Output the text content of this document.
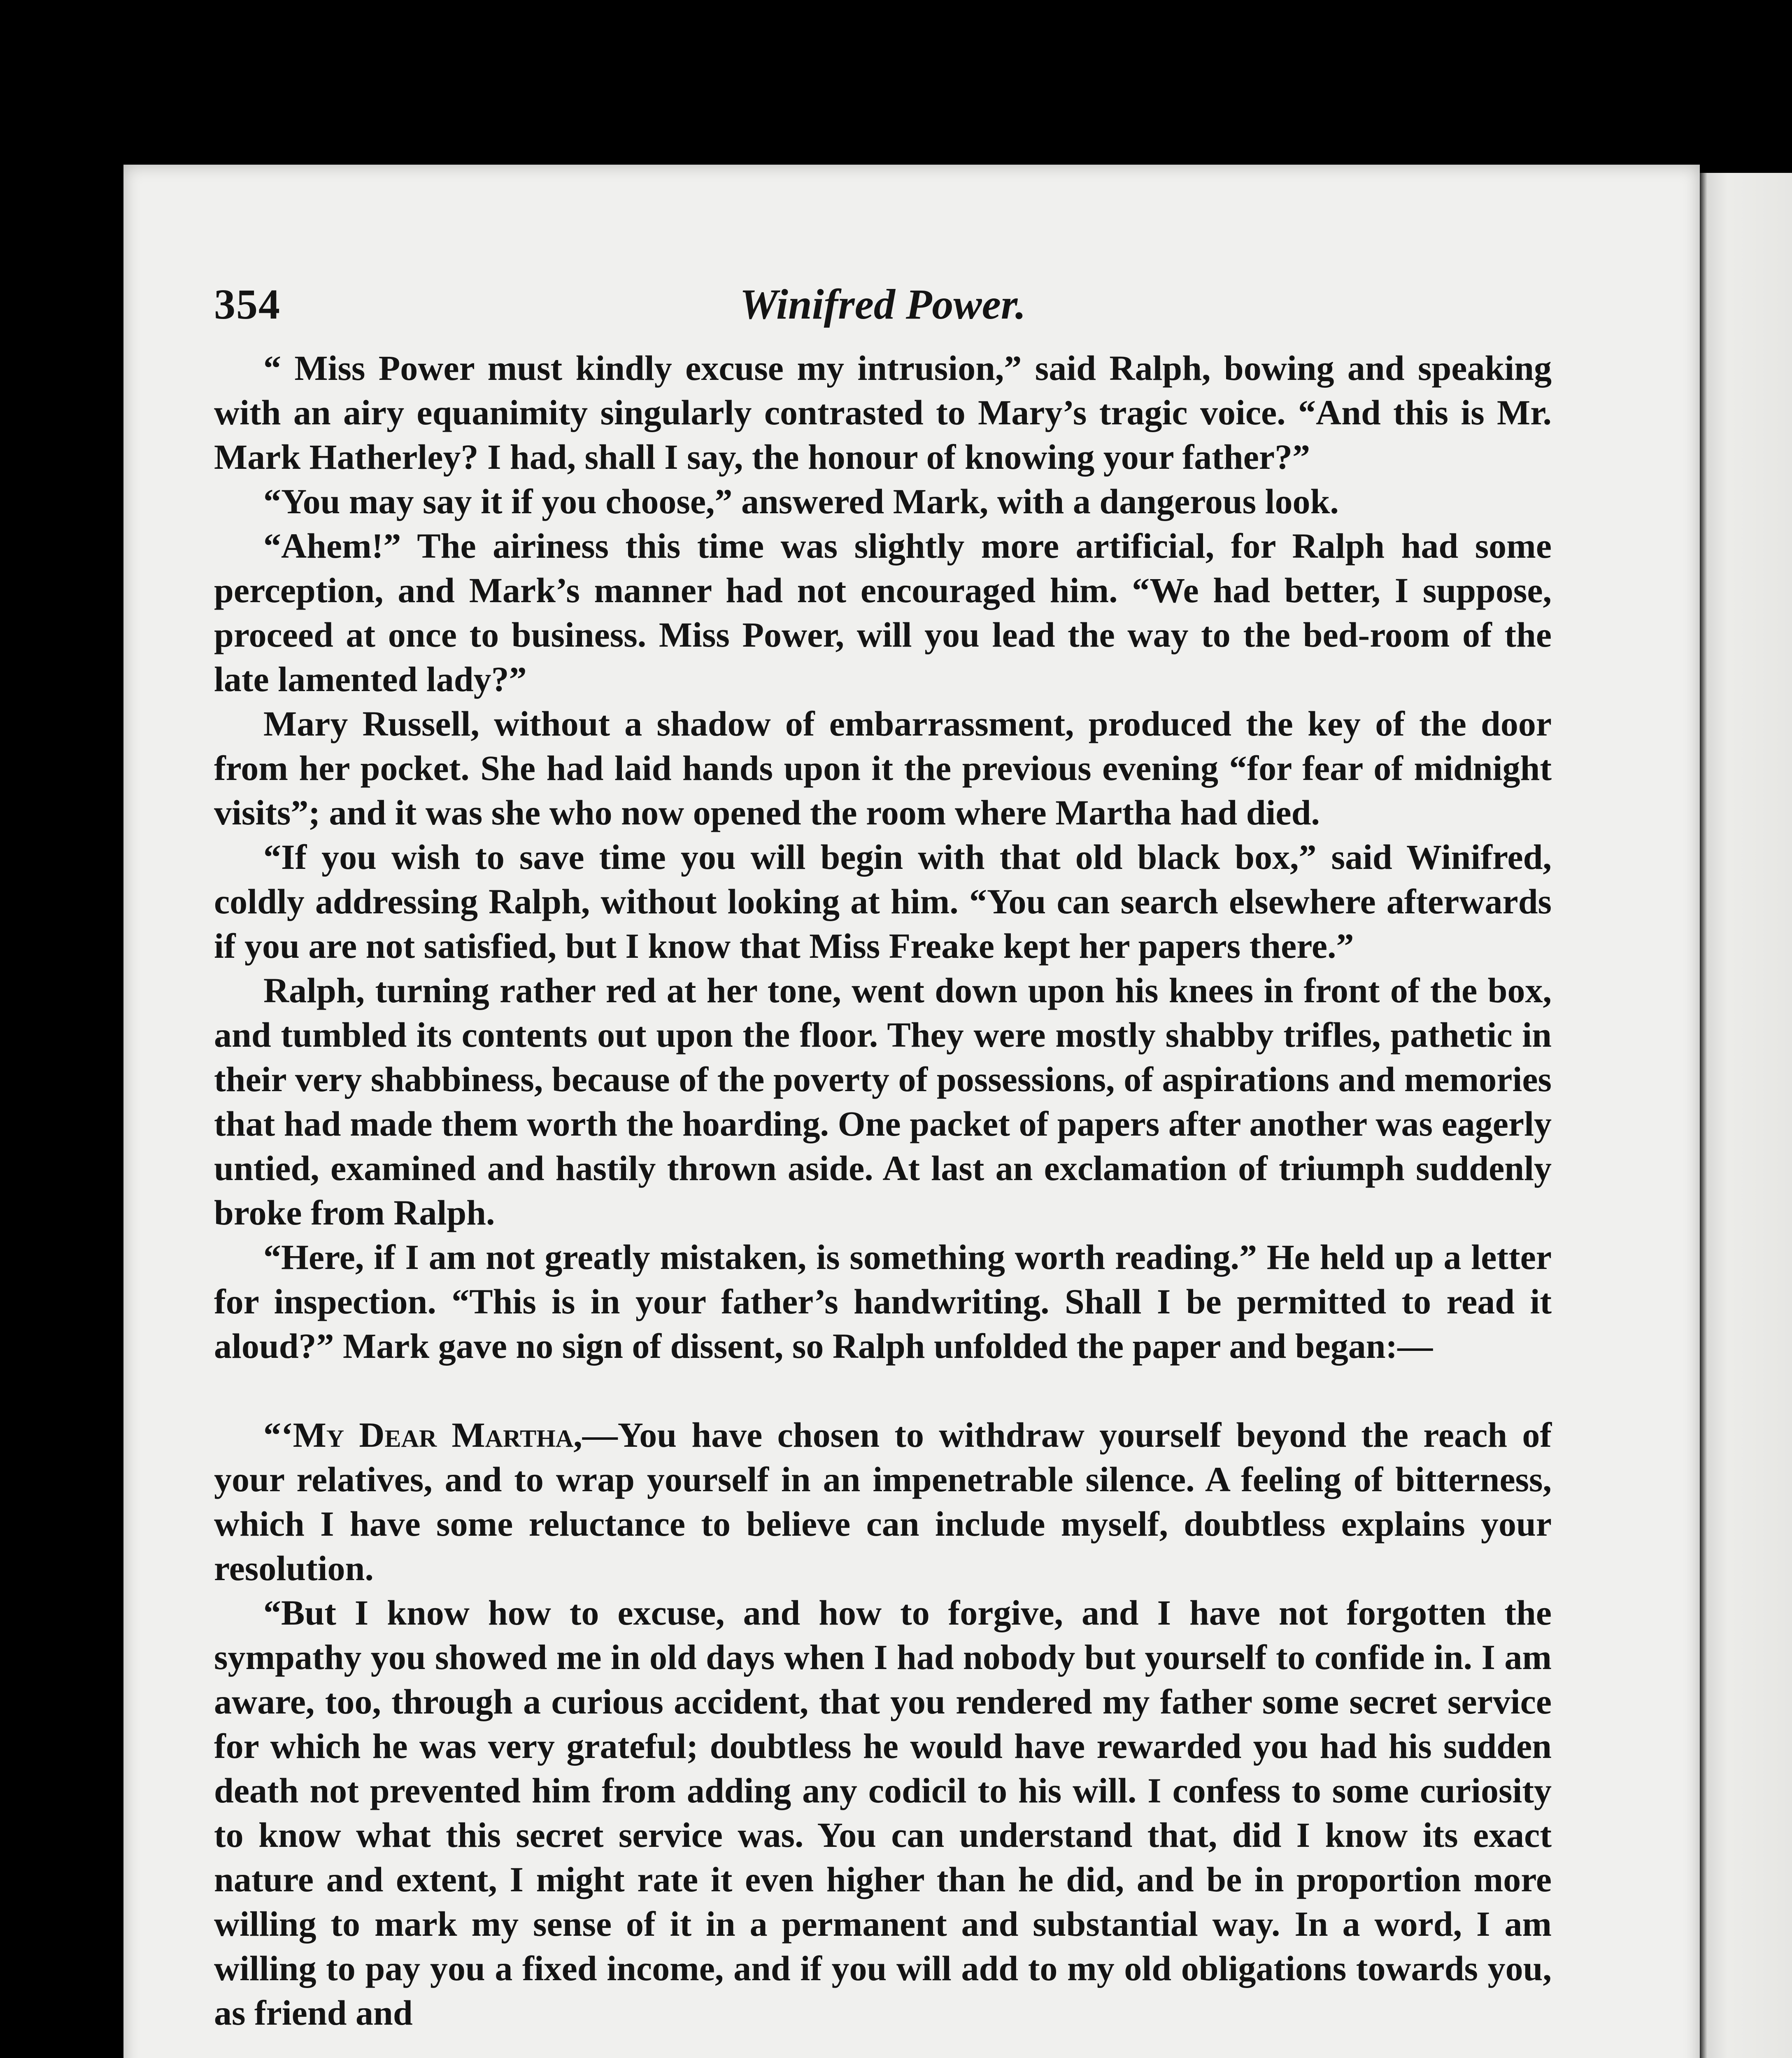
354	Winifred Power.

“ Miss Power must kindly excuse my intrusion,” said Ralph, bowing and speaking with an airy equanimity singularly contrasted to Mary’s tragic voice. “And this is Mr. Mark Hatherley? I had, shall I say, the honour of knowing your father?”

“You may say it if you choose,” answered Mark, with a dangerous look.

“Ahem!” The airiness this time was slightly more artificial, for Ralph had some perception, and Mark’s manner had not encouraged him. “We had better, I suppose, proceed at once to business. Miss Power, will you lead the way to the bed-room of the late lamented lady?”

Mary Russell, without a shadow of embarrassment, produced the key of the door from her pocket. She had laid hands upon it the previous evening “for fear of midnight visits”; and it was she who now opened the room where Martha had died.

“If you wish to save time you will begin with that old black box,” said Winifred, coldly addressing Ralph, without looking at him. “You can search elsewhere afterwards if you are not satisfied, but I know that Miss Freake kept her papers there.”

Ralph, turning rather red at her tone, went down upon his knees in front of the box, and tumbled its contents out upon the floor. They were mostly shabby trifles, pathetic in their very shabbiness, because of the poverty of possessions, of aspirations and memories that had made them worth the hoarding. One packet of papers after another was eagerly untied, examined and hastily thrown aside. At last an exclamation of triumph suddenly broke from Ralph.

“Here, if I am not greatly mistaken, is something worth reading.” He held up a letter for inspection. “This is in your father’s handwriting. Shall I be permitted to read it aloud?” Mark gave no sign of dissent, so Ralph unfolded the paper and began:—

“‘My Dear Martha,—You have chosen to withdraw yourself beyond the reach of your relatives, and to wrap yourself in an impenetrable silence. A feeling of bitterness, which I have some reluctance to believe can include myself, doubtless explains your resolution.

“But I know how to excuse, and how to forgive, and I have not forgotten the sympathy you showed me in old days when I had nobody but yourself to confide in. I am aware, too, through a curious accident, that you rendered my father some secret service for which he was very grateful; doubtless he would have rewarded you had his sudden death not prevented him from adding any codicil to his will. I confess to some curiosity to know what this secret service was. You can understand that, did I know its exact nature and extent, I might rate it even higher than he did, and be in proportion more willing to mark my sense of it in a permanent and substantial way. In a word, I am willing to pay you a fixed income, and if you will add to my old obligations towards you, as friend and
